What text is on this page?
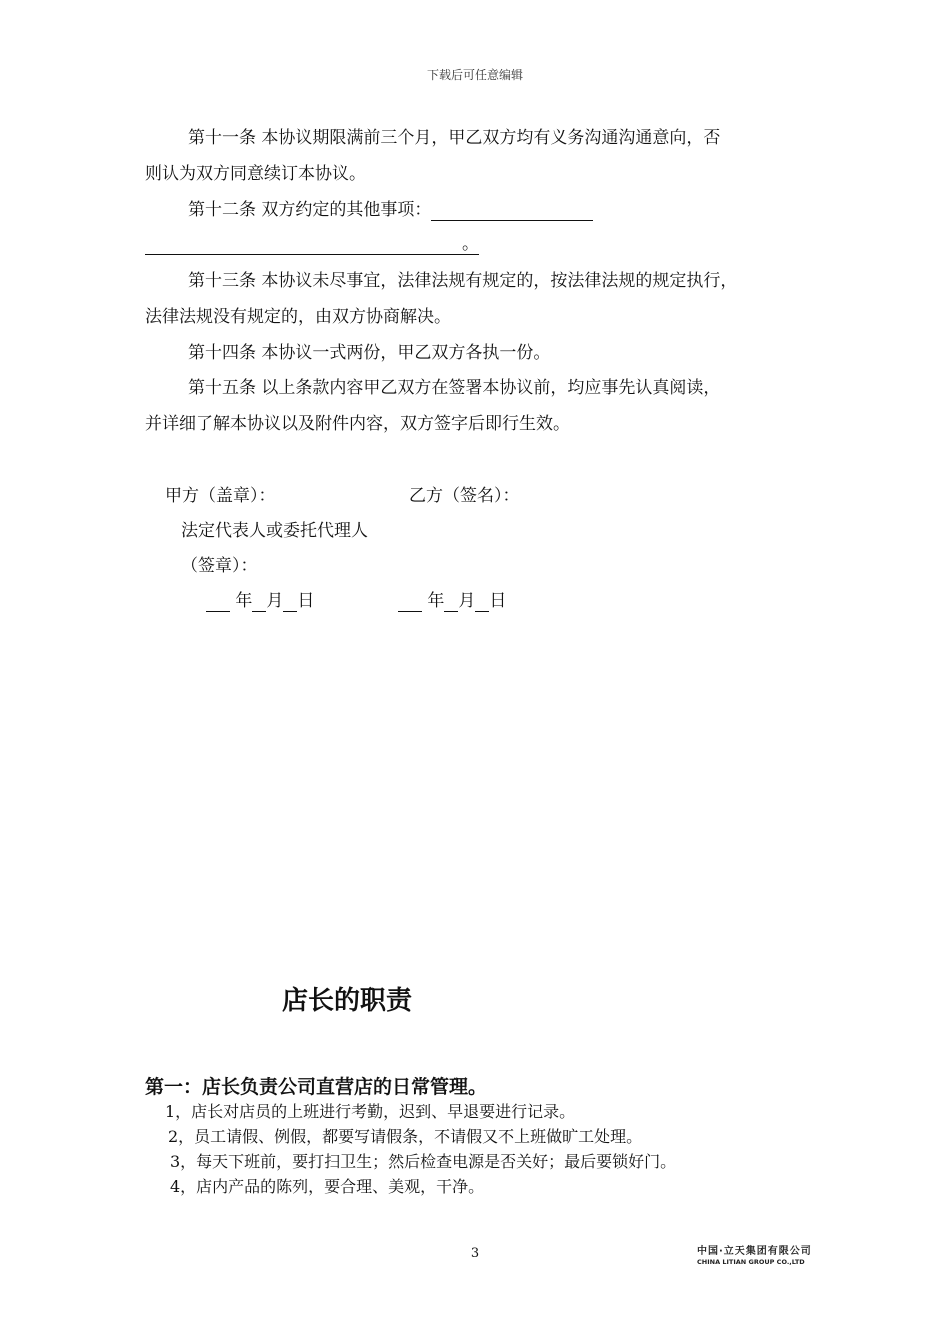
下载后可任意编辑
第十一条 本协议期限满前三个月，甲乙双方均有义务沟通沟通意向，否
则认为双方同意续订本协议。
第十二条 双方约定的其他事项：
。
第十三条 本协议未尽事宜，法律法规有规定的，按法律法规的规定执行，
法律法规没有规定的，由双方协商解决。
第十四条 本协议一式两份，甲乙双方各执一份。
第十五条 以上条款内容甲乙双方在签署本协议前，均应事先认真阅读，
并详细了解本协议以及附件内容，双方签字后即行生效。
甲方（盖章）：	乙方（签名）：
法定代表人或委托代理人
（签章）：
年 月 日	年 月 日
店长的职责
第一：店长负责公司直营店的日常管理。
1，店长对店员的上班进行考勤，迟到、早退要进行记录。
2，员工请假、例假，都要写请假条，不请假又不上班做旷工处理。
3，每天下班前，要打扫卫生；然后检查电源是否关好；最后要锁好门。
4，店内产品的陈列，要合理、美观，干净。
3	中国·立天集团有限公司
CHINA LITIAN GROUP CO.,LTD
